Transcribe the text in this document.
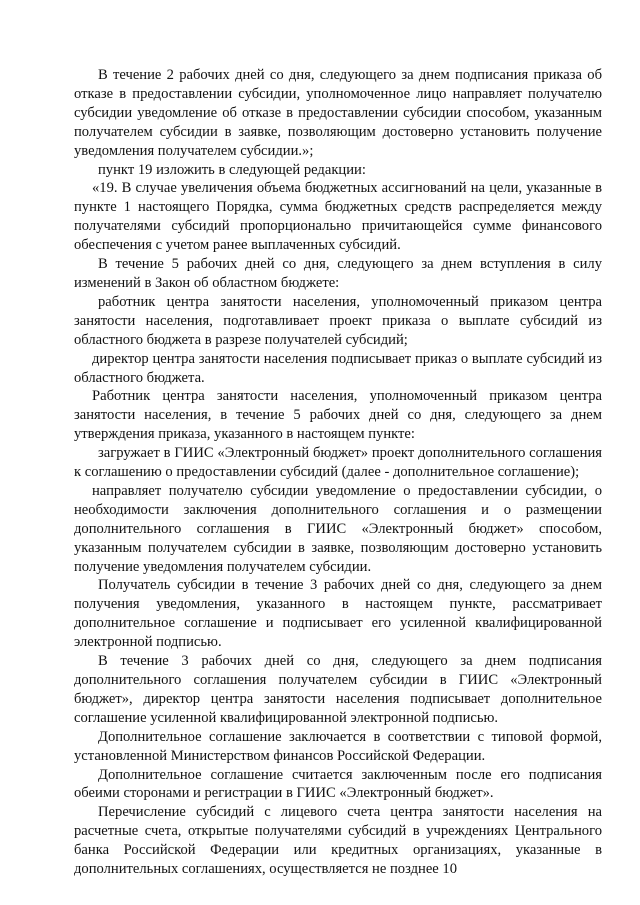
В течение 2 рабочих дней со дня, следующего за днем подписания приказа об отказе в предоставлении субсидии, уполномоченное лицо направляет получателю субсидии уведомление об отказе в предоставлении субсидии способом, указанным получателем субсидии в заявке, позволяющим достоверно установить получение уведомления получателем субсидии.»;

пункт 19 изложить в следующей редакции:

«19. В случае увеличения объема бюджетных ассигнований на цели, указанные в пункте 1 настоящего Порядка, сумма бюджетных средств распределяется между получателями субсидий пропорционально причитающейся сумме финансового обеспечения с учетом ранее выплаченных субсидий.

В течение 5 рабочих дней со дня, следующего за днем вступления в силу изменений в Закон об областном бюджете:

работник центра занятости населения, уполномоченный приказом центра занятости населения, подготавливает проект приказа о выплате субсидий из областного бюджета в разрезе получателей субсидий;

директор центра занятости населения подписывает приказ о выплате субсидий из областного бюджета.

Работник центра занятости населения, уполномоченный приказом центра занятости населения, в течение 5 рабочих дней со дня, следующего за днем утверждения приказа, указанного в настоящем пункте:

загружает в ГИИС «Электронный бюджет» проект дополнительного соглашения к соглашению о предоставлении субсидий (далее - дополнительное соглашение);

направляет получателю субсидии уведомление о предоставлении субсидии, о необходимости заключения дополнительного соглашения и о размещении дополнительного соглашения в ГИИС «Электронный бюджет» способом, указанным получателем субсидии в заявке, позволяющим достоверно установить получение уведомления получателем субсидии.

Получатель субсидии в течение 3 рабочих дней со дня, следующего за днем получения уведомления, указанного в настоящем пункте, рассматривает дополнительное соглашение и подписывает его усиленной квалифицированной электронной подписью.

В течение 3 рабочих дней со дня, следующего за днем подписания дополнительного соглашения получателем субсидии в ГИИС «Электронный бюджет», директор центра занятости населения подписывает дополнительное соглашение усиленной квалифицированной электронной подписью.

Дополнительное соглашение заключается в соответствии с типовой формой, установленной Министерством финансов Российской Федерации.

Дополнительное соглашение считается заключенным после его подписания обеими сторонами и регистрации в ГИИС «Электронный бюджет».

Перечисление субсидий с лицевого счета центра занятости населения на расчетные счета, открытые получателями субсидий в учреждениях Центрального банка Российской Федерации или кредитных организациях, указанные в дополнительных соглашениях, осуществляется не позднее 10
